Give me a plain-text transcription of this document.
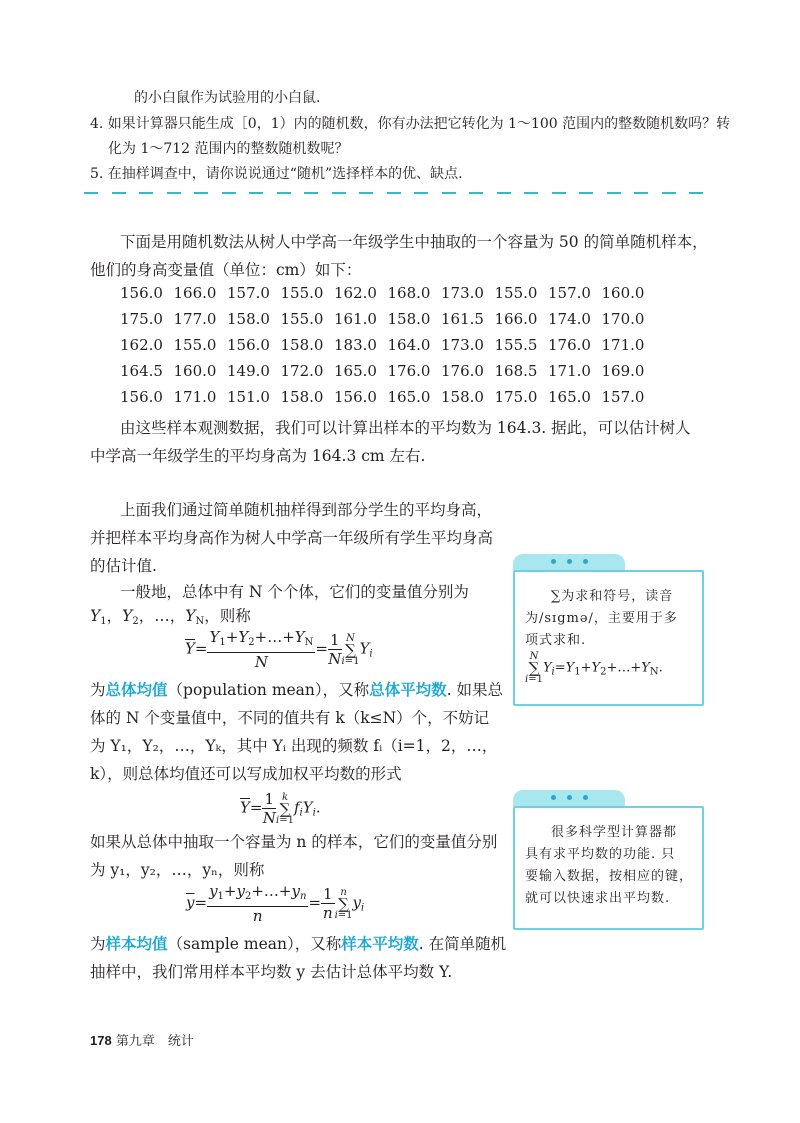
的小白鼠作为试验用的小白鼠.
4. 如果计算器只能生成［0，1）内的随机数，你有办法把它转化为 1～100 范围内的整数随机数吗？转
化为 1～712 范围内的整数随机数呢？
5. 在抽样调查中，请你说说通过“随机”选择样本的优、缺点.
下面是用随机数法从树人中学高一年级学生中抽取的一个容量为 50 的简单随机样本，
他们的身高变量值（单位：cm）如下：
156.0 166.0 157.0 155.0 162.0 168.0 173.0 155.0 157.0 160.0
175.0 177.0 158.0 155.0 161.0 158.0 161.5 166.0 174.0 170.0
162.0 155.0 156.0 158.0 183.0 164.0 173.0 155.5 176.0 171.0
164.5 160.0 149.0 172.0 165.0 176.0 176.0 168.5 171.0 169.0
156.0 171.0 151.0 158.0 156.0 165.0 158.0 175.0 165.0 157.0
由这些样本观测数据，我们可以计算出样本的平均数为 164.3. 据此，可以估计树人
中学高一年级学生的平均身高为 164.3 cm 左右.
上面我们通过简单随机抽样得到部分学生的平均身高，
并把样本平均身高作为树人中学高一年级所有学生平均身高
的估计值.
一般地，总体中有 N 个个体，它们的变量值分别为
$Y_1$，$Y_2$，…，$Y_N$，则称
$\overline{Y}= \frac{Y_1+Y_2+\dots+Y_N}{N} = \frac{1}{N}$ N
∑
$i=1Y_i$
为总体均值（population mean），又称总体平均数. 如果总
体的 N 个变量值中，不同的值共有 k（k≤N）个，不妨记
为 Y₁，Y₂，…，Yₖ，其中 Yᵢ 出现的频数 fᵢ（i=1，2，…，
k），则总体均值还可以写成加权平均数的形式
$\overline{Y}= \frac{1}{N}$ k
∑
$i=1f_iY_i$.
如果从总体中抽取一个容量为 n 的样本，它们的变量值分别
为 y₁，y₂，…，yₙ，则称
$\overline{y}= \frac{y_1+y_2+\dots+y_n}{n} = \frac{1}{n}$ n
∑
$i=1y_i$
为样本均值（sample mean），又称样本平均数. 在简单随机
抽样中，我们常用样本平均数 y 去估计总体平均数 Y.
∑为求和符号，读音
为/sɪgmə/，主要用于多
项式求和.
N
∑
$i=1Y_i=Y_1+Y_2+\dots+Y_N$.
很多科学型计算器都
具有求平均数的功能. 只
要输入数据，按相应的键，
就可以快速求出平均数.
178 第九章　统计
